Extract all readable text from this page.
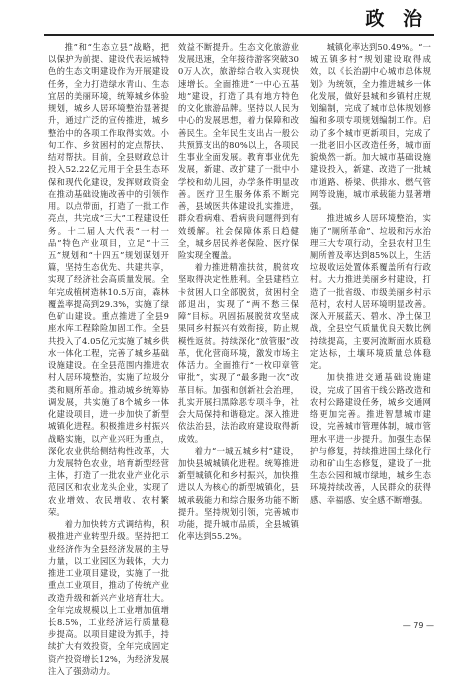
政 治

推”和“生态立县”战略，把以保护为前提、建设代表运城特色的生态文明建设作为开展建设任务，全力打造绿水青山、生态宜居的美丽环境，统筹城乡体验规划，城乡人居环境整治显著提升，通过广泛的宣传推进，城乡整治中的各项工作取得实效。小旬工作、乡贫困村的定点帮扶、结对帮扶。目前，全县财政总计投入52.22亿元用于全县生态环保和现代化建设，发挥财政资金在推动基础设施改善中的引领作用。以点带面，打造了一批工作亮点，共完成“三大”工程建设任务。十二届人大代表“一村一品”特色产业项目，立足“十三五”规划和“十四五”规划谋划开篇，坚持生态优先、共建共享，实现了经济社会高质量发展。全年完成植树造林10.5万亩，森林覆盖率提高到29.3%，实施了绿色矿山建设。重点推进了全县9座水库工程除险加固工作。全县共投入了4.05亿元实施了城乡供水一体化工程，完善了城乡基础设施建设。在全县范围内推进农村人居环境整治，实施了垃圾分类和厕所革命。推动城乡统筹协调发展，共实施了8个城乡一体化建设项目，进一步加快了新型城镇化进程。积极推进乡村振兴战略实施，以产业兴旺为重点，深化农业供给侧结构性改革，大力发展特色农业，培育新型经营主体，打造了一批农业产业化示范园区和农业龙头企业，实现了农业增效、农民增收、农村繁荣。

着力加快转方式调结构，积极推进产业转型升级。坚持把工业经济作为全县经济发展的主导力量，以工业园区为载体，大力推进工业项目建设，实施了一批重点工业项目，推动了传统产业改造升级和新兴产业培育壮大。全年完成规模以上工业增加值增长8.5%，工业经济运行质量稳步提高。以项目建设为抓手，持续扩大有效投资，全年完成固定资产投资增长12%，为经济发展注入了强劲动力。

效益不断提升。生态文化旅游业发展迅速，全年接待游客突破300万人次，旅游综合收入实现快速增长。全面推进“一中心五基地”建设，打造了具有地方特色的文化旅游品牌。坚持以人民为中心的发展思想，着力保障和改善民生。全年民生支出占一般公共预算支出的80%以上，各项民生事业全面发展。教育事业优先发展，新建、改扩建了一批中小学校和幼儿园，办学条件明显改善。医疗卫生服务体系不断完善，县域医共体建设扎实推进，群众看病难、看病贵问题得到有效缓解。社会保障体系日趋健全，城乡居民养老保险、医疗保险实现全覆盖。

着力推进精准扶贫，脱贫攻坚取得决定性胜利。全县建档立卡贫困人口全部脱贫，贫困村全部退出，实现了“两不愁三保障”目标。巩固拓展脱贫攻坚成果同乡村振兴有效衔接，防止规模性返贫。持续深化“放管服”改革，优化营商环境，激发市场主体活力。全面推行“一枚印章管审批”，实现了“最多跑一次”改革目标。加强和创新社会治理，扎实开展扫黑除恶专项斗争，社会大局保持和谐稳定。深入推进依法治县，法治政府建设取得新成效。

着力“一城五城乡村”建设，加快县城城镇化进程。统筹推进新型城镇化和乡村振兴，加快推进以人为核心的新型城镇化，县城承载能力和综合服务功能不断提升。坚持规划引领，完善城市功能，提升城市品质，全县城镇化率达到55.2%。

城镇化率达到50.49%。“一城五镇多村”规划建设取得成效，以《长治副中心城市总体规划》为统领，全力推进城乡一体化发展，做好县城和乡镇村庄规划编制，完成了城市总体规划修编和多项专项规划编制工作。启动了多个城市更新项目，完成了一批老旧小区改造任务，城市面貌焕然一新。加大城市基础设施建设投入，新建、改造了一批城市道路、桥梁、供排水、燃气管网等设施，城市承载能力显著增强。

推进城乡人居环境整治，实施了“厕所革命”、垃圾和污水治理三大专项行动，全县农村卫生厕所普及率达到85%以上，生活垃圾收运处置体系覆盖所有行政村。大力推进美丽乡村建设，打造了一批省级、市级美丽乡村示范村，农村人居环境明显改善。深入开展蓝天、碧水、净土保卫战，全县空气质量优良天数比例持续提高，主要河流断面水质稳定达标，土壤环境质量总体稳定。

加快推进交通基础设施建设，完成了国省干线公路改造和农村公路建设任务，城乡交通网络更加完善。推进智慧城市建设，完善城市管理体制，城市管理水平进一步提升。加强生态保护与修复，持续推进国土绿化行动和矿山生态修复，建设了一批生态公园和城市绿地，城乡生态环境持续改善，人民群众的获得感、幸福感、安全感不断增强。

— 79 —
